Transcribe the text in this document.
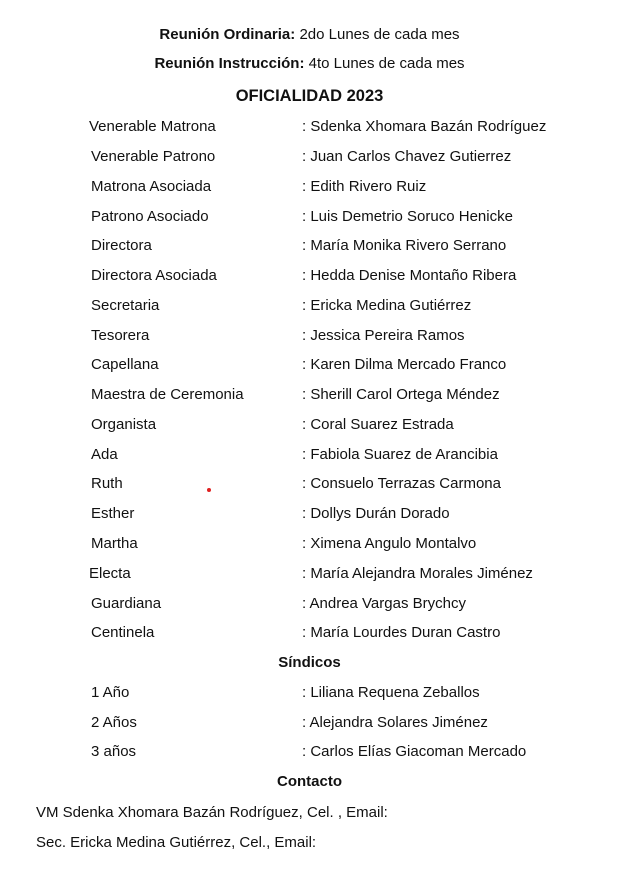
Reunión Ordinaria: 2do Lunes de cada mes
Reunión Instrucción: 4to Lunes de cada mes
OFICIALIDAD 2023
Venerable Matrona	: Sdenka Xhomara Bazán Rodríguez
Venerable Patrono	: Juan Carlos Chavez Gutierrez
Matrona Asociada	: Edith Rivero Ruiz
Patrono Asociado	: Luis Demetrio Soruco Henicke
Directora	: María Monika Rivero Serrano
Directora Asociada	: Hedda Denise Montaño Ribera
Secretaria	: Ericka Medina Gutiérrez
Tesorera	: Jessica Pereira Ramos
Capellana	: Karen Dilma Mercado Franco
Maestra de Ceremonia	: Sherill Carol Ortega Méndez
Organista	: Coral Suarez Estrada
Ada	: Fabiola Suarez de Arancibia
Ruth	: Consuelo Terrazas Carmona
Esther	: Dollys Durán Dorado
Martha	: Ximena Angulo Montalvo
Electa	: María Alejandra Morales Jiménez
Guardiana	: Andrea Vargas Brychcy
Centinela	: María Lourdes Duran Castro
Síndicos
1 Año	: Liliana Requena Zeballos
2 Años	: Alejandra Solares Jiménez
3 años	: Carlos Elías Giacoman Mercado
Contacto
VM Sdenka Xhomara Bazán Rodríguez, Cel. , Email:
Sec. Ericka Medina Gutiérrez, Cel., Email:
